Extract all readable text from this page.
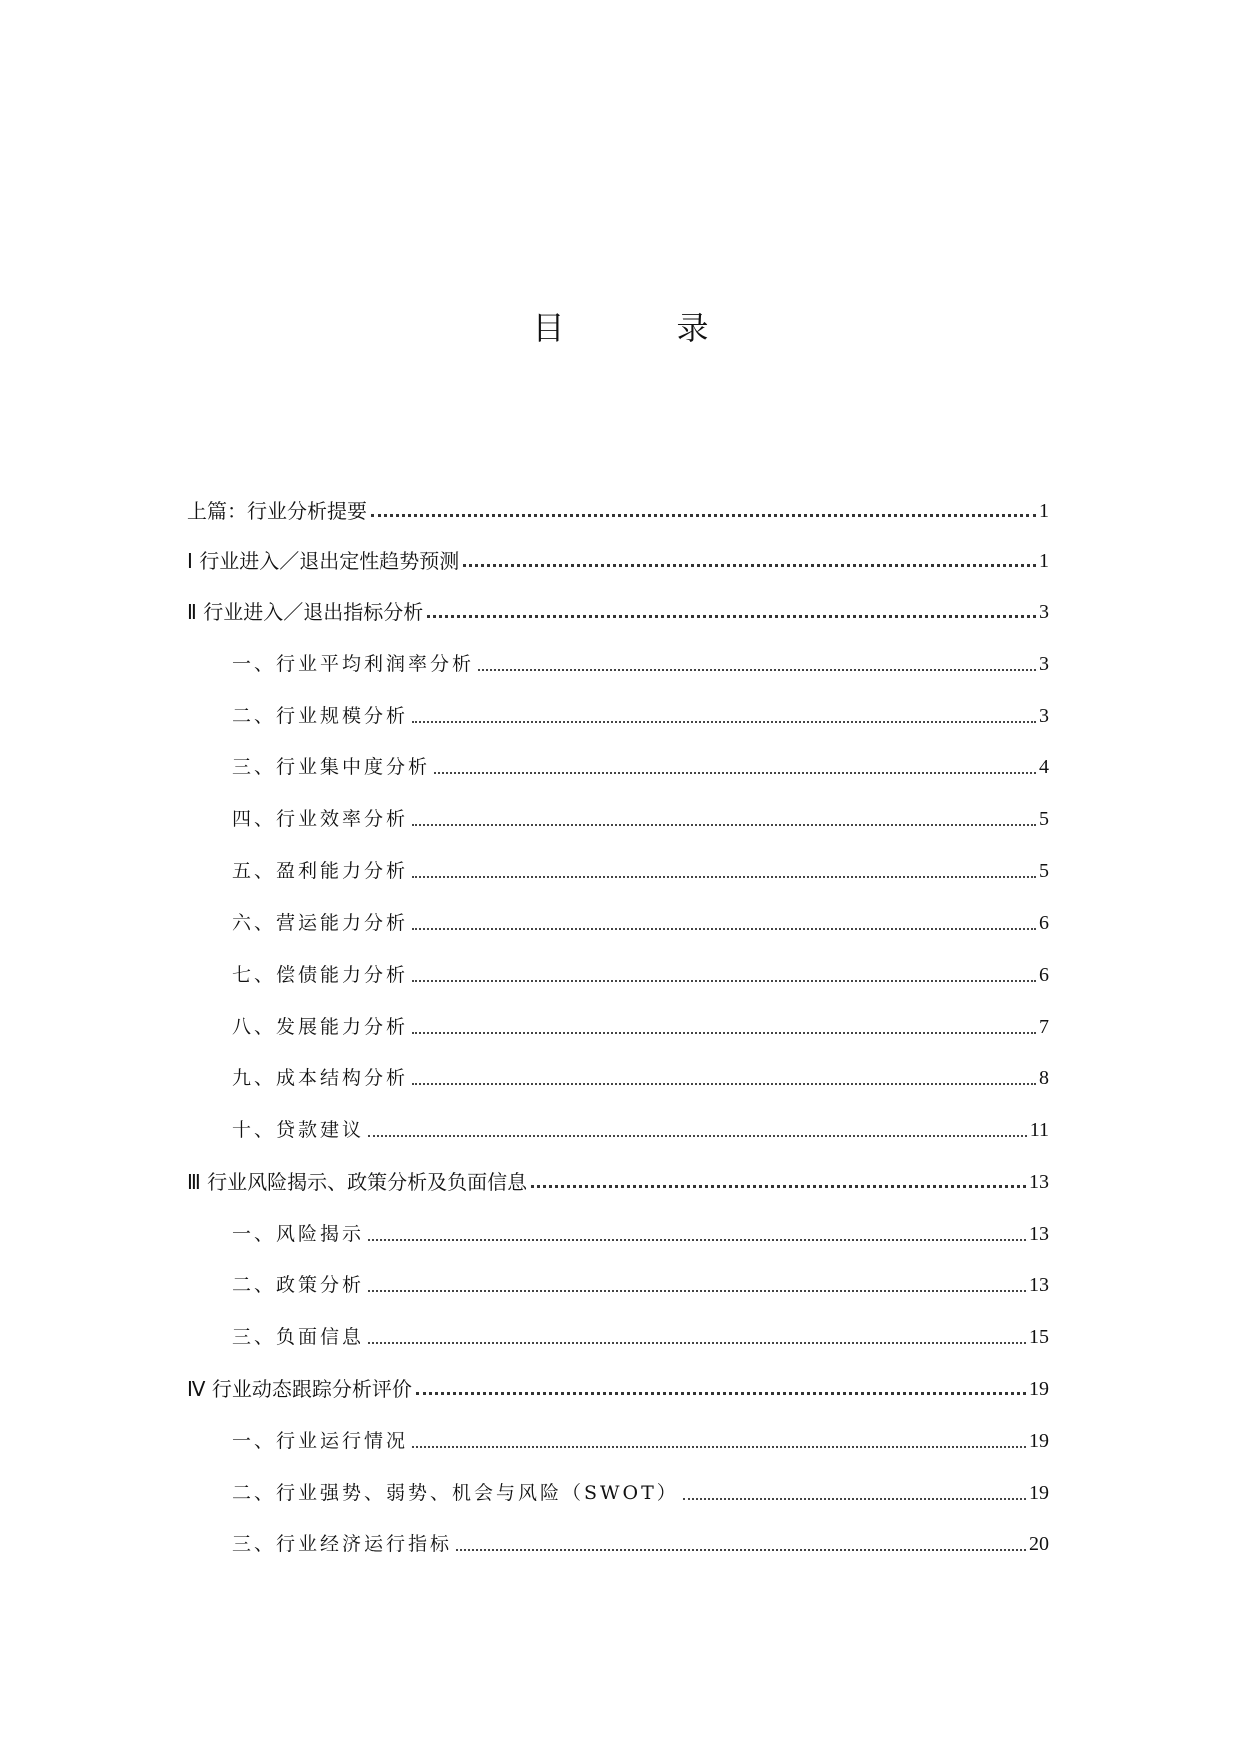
目　录
上篇：行业分析提要	1
Ⅰ 行业进入／退出定性趋势预测	1
Ⅱ 行业进入／退出指标分析	3
一、行业平均利润率分析	3
二、行业规模分析	3
三、行业集中度分析	4
四、行业效率分析	5
五、盈利能力分析	5
六、营运能力分析	6
七、偿债能力分析	6
八、发展能力分析	7
九、成本结构分析	8
十、贷款建议	11
Ⅲ 行业风险揭示、政策分析及负面信息	13
一、风险揭示	13
二、政策分析	13
三、负面信息	15
Ⅳ 行业动态跟踪分析评价	19
一、行业运行情况	19
二、行业强势、弱势、机会与风险（SWOT）	19
三、行业经济运行指标	20
